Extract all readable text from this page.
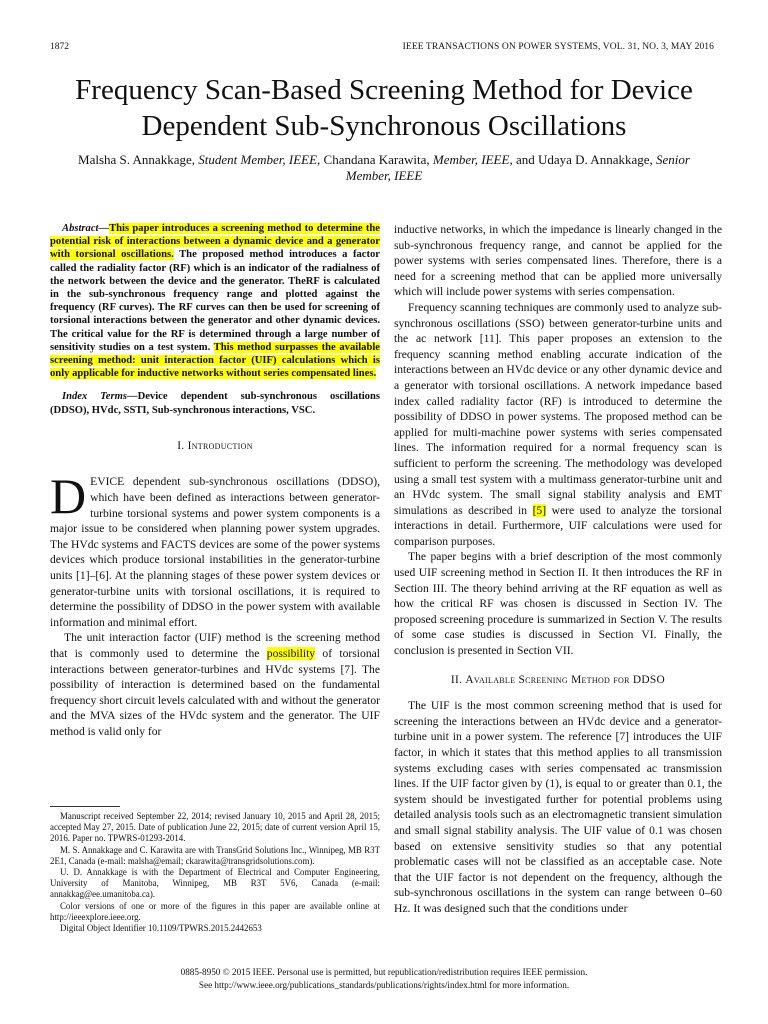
1872	IEEE TRANSACTIONS ON POWER SYSTEMS, VOL. 31, NO. 3, MAY 2016
Frequency Scan-Based Screening Method for Device Dependent Sub-Synchronous Oscillations
Malsha S. Annakkage, Student Member, IEEE, Chandana Karawita, Member, IEEE, and Udaya D. Annakkage, Senior Member, IEEE

Abstract—This paper introduces a screening method to determine the potential risk of interactions between a dynamic device and a generator with torsional oscillations. The proposed method introduces a factor called the radiality factor (RF) which is an indicator of the radialness of the network between the device and the generator. TheRF is calculated in the sub-synchronous frequency range and plotted against the frequency (RF curves). The RF curves can then be used for screening of torsional interactions between the generator and other dynamic devices. The critical value for the RF is determined through a large number of sensitivity studies on a test system. This method surpasses the available screening method: unit interaction factor (UIF) calculations which is only applicable for inductive networks without series compensated lines.

Index Terms—Device dependent sub-synchronous oscillations (DDSO), HVdc, SSTI, Sub-synchronous interactions, VSC.

I. Introduction

DEVICE dependent sub-synchronous oscillations (DDSO), which have been defined as interactions between generator-turbine torsional systems and power system components is a major issue to be considered when planning power system upgrades. The HVdc systems and FACTS devices are some of the power systems devices which produce torsional instabilities in the generator-turbine units [1]–[6]. At the planning stages of these power system devices or generator-turbine units with torsional oscillations, it is required to determine the possibility of DDSO in the power system with available information and minimal effort.

The unit interaction factor (UIF) method is the screening method that is commonly used to determine the possibility of torsional interactions between generator-turbines and HVdc systems [7]. The possibility of interaction is determined based on the fundamental frequency short circuit levels calculated with and without the generator and the MVA sizes of the HVdc system and the generator. The UIF method is valid only for

Manuscript received September 22, 2014; revised January 10, 2015 and April 28, 2015; accepted May 27, 2015. Date of publication June 22, 2015; date of current version April 15, 2016. Paper no. TPWRS-01293-2014.

M. S. Annakkage and C. Karawita are with TransGrid Solutions Inc., Winnipeg, MB R3T 2E1, Canada (e-mail: malsha@email; ckarawita@transgridsolutions.com).

U. D. Annakkage is with the Department of Electrical and Computer Engineering, University of Manitoba, Winnipeg, MB R3T 5V6, Canada (e-mail: annakkag@ee.umanitoba.ca).

Color versions of one or more of the figures in this paper are available online at http://ieeexplore.ieee.org.

Digital Object Identifier 10.1109/TPWRS.2015.2442653

inductive networks, in which the impedance is linearly changed in the sub-synchronous frequency range, and cannot be applied for the power systems with series compensated lines. Therefore, there is a need for a screening method that can be applied more universally which will include power systems with series compensation.

Frequency scanning techniques are commonly used to analyze sub-synchronous oscillations (SSO) between generator-turbine units and the ac network [11]. This paper proposes an extension to the frequency scanning method enabling accurate indication of the interactions between an HVdc device or any other dynamic device and a generator with torsional oscillations. A network impedance based index called radiality factor (RF) is introduced to determine the possibility of DDSO in power systems. The proposed method can be applied for multi-machine power systems with series compensated lines. The information required for a normal frequency scan is sufficient to perform the screening. The methodology was developed using a small test system with a multimass generator-turbine unit and an HVdc system. The small signal stability analysis and EMT simulations as described in [5] were used to analyze the torsional interactions in detail. Furthermore, UIF calculations were used for comparison purposes.

The paper begins with a brief description of the most commonly used UIF screening method in Section II. It then introduces the RF in Section III. The theory behind arriving at the RF equation as well as how the critical RF was chosen is discussed in Section IV. The proposed screening procedure is summarized in Section V. The results of some case studies is discussed in Section VI. Finally, the conclusion is presented in Section VII.

II. Available Screening Method for DDSO

The UIF is the most common screening method that is used for screening the interactions between an HVdc device and a generator-turbine unit in a power system. The reference [7] introduces the UIF factor, in which it states that this method applies to all transmission systems excluding cases with series compensated ac transmission lines. If the UIF factor given by (1), is equal to or greater than 0.1, the system should be investigated further for potential problems using detailed analysis tools such as an electromagnetic transient simulation and small signal stability analysis. The UIF value of 0.1 was chosen based on extensive sensitivity studies so that any potential problematic cases will not be classified as an acceptable case. Note that the UIF factor is not dependent on the frequency, although the sub-synchronous oscillations in the system can range between 0–60 Hz. It was designed such that the conditions under

0885-8950 © 2015 IEEE. Personal use is permitted, but republication/redistribution requires IEEE permission.
See http://www.ieee.org/publications_standards/publications/rights/index.html for more information.
